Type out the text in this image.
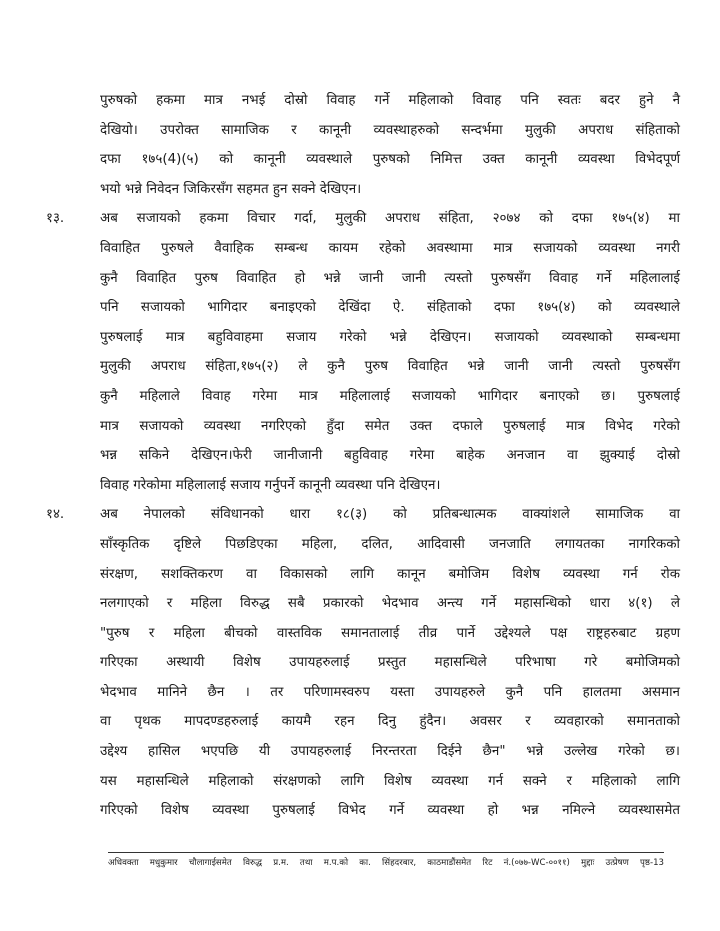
पुरुषको हकमा मात्र नभई दोस्रो विवाह गर्ने महिलाको विवाह पनि स्वतः बदर हुने नै
देखियो। उपरोक्त सामाजिक र कानूनी व्यवस्थाहरुको सन्दर्भमा मुलुकी अपराध संहिताको
दफा १७५(4)(५) को कानूनी व्यवस्थाले पुरुषको निमित्त उक्त कानूनी व्यवस्था विभेदपूर्ण
भयो भन्ने निवेदन जिकिरसँग सहमत हुन सक्ने देखिएन।
१३.	अब सजायको हकमा विचार गर्दा, मुलुकी अपराध संहिता, २०७४ को दफा १७५(४) मा
विवाहित पुरुषले वैवाहिक सम्बन्ध कायम रहेको अवस्थामा मात्र सजायको व्यवस्था नगरी
कुनै विवाहित पुरुष विवाहित हो भन्ने जानी जानी त्यस्तो पुरुषसँग विवाह गर्ने महिलालाई
पनि सजायको भागिदार बनाइएको देखिंदा ऐ. संहिताको दफा १७५(४) को व्यवस्थाले
पुरुषलाई मात्र बहुविवाहमा सजाय गरेको भन्ने देखिएन। सजायको व्यवस्थाको सम्बन्धमा
मुलुकी अपराध संहिता,१७५(२) ले कुनै पुरुष विवाहित भन्ने जानी जानी त्यस्तो पुरुषसँग
कुनै महिलाले विवाह गरेमा मात्र महिलालाई सजायको भागिदार बनाएको छ। पुरुषलाई
मात्र सजायको व्यवस्था नगरिएको हुँदा समेत उक्त दफाले पुरुषलाई मात्र विभेद गरेको
भन्न सकिने देखिएन।फेरी जानीजानी बहुविवाह गरेमा बाहेक अनजान वा झुक्याई दोस्रो
विवाह गरेकोमा महिलालाई सजाय गर्नुपर्ने कानूनी व्यवस्था पनि देखिएन।
१४.	अब नेपालको संविधानको धारा १८(३) को प्रतिबन्धात्मक वाक्यांशले सामाजिक वा
साँस्कृतिक दृष्टिले पिछडिएका महिला, दलित, आदिवासी जनजाति लगायतका नागरिकको
संरक्षण, सशक्तिकरण वा विकासको लागि कानून बमोजिम विशेष व्यवस्था गर्न रोक
नलगाएको र महिला विरुद्ध सबै प्रकारको भेदभाव अन्त्य गर्ने महासन्धिको धारा ४(१) ले
"पुरुष र महिला बीचको वास्तविक समानतालाई तीव्र पार्ने उद्देश्यले पक्ष राष्ट्रहरुबाट ग्रहण
गरिएका अस्थायी विशेष उपायहरुलाई प्रस्तुत महासन्धिले परिभाषा गरे बमोजिमको
भेदभाव मानिने छैन । तर परिणामस्वरुप यस्ता उपायहरुले कुनै पनि हालतमा असमान
वा पृथक मापदण्डहरुलाई कायमै रहन दिनु हुंदैन। अवसर र व्यवहारको समानताको
उद्देश्य हासिल भएपछि यी उपायहरुलाई निरन्तरता दिईने छैन" भन्ने उल्लेख गरेको छ।
यस महासन्धिले महिलाको संरक्षणको लागि विशेष व्यवस्था गर्न सक्ने र महिलाको लागि
गरिएको विशेष व्यवस्था पुरुषलाई विभेद गर्ने व्यवस्था हो भन्न नमिल्ने व्यवस्थासमेत
अधिवक्ता मधुकुमार चौलागाईसमेत विरुद्ध प्र.म. तथा म.प.को का. सिंहदरबार, काठमाडौंसमेत रिट नं.(०७७-WC-००११) मुद्दाः उत्प्रेषण पृष्ठ-13
